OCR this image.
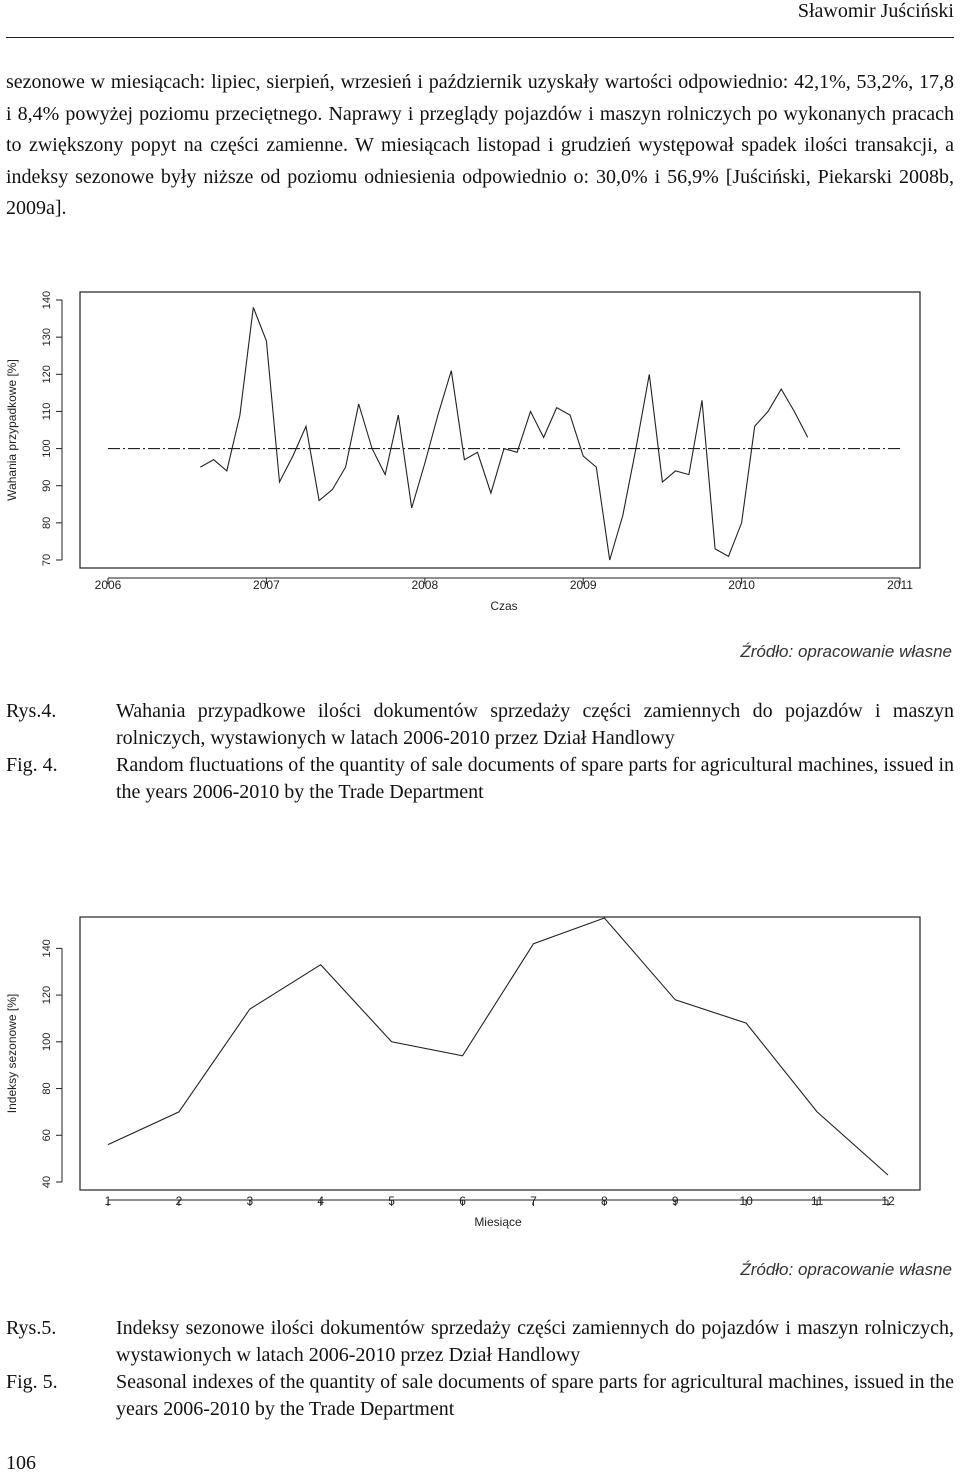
Sławomir Juściński

sezonowe w miesiącach: lipiec, sierpień, wrzesień i październik uzyskały wartości odpowiednio: 42,1%, 53,2%, 17,8 i 8,4% powyżej poziomu przeciętnego. Naprawy i przeglądy pojazdów i maszyn rolniczych po wykonanych pracach to zwiększony popyt na części zamienne. W miesiącach listopad i grudzień występował spadek ilości transakcji, a indeksy sezonowe były niższe od poziomu odniesienia odpowiednio o: 30,0% i 56,9% [Juściński, Piekarski 2008b, 2009a].

70
80
90
100
110
120
130
140
2006	2007	2008	2009	2010	2011
Czas
Wahania przypadkowe [%]
Źródło: opracowanie własne
Rys.4.
Fig. 4.
Wahania przypadkowe ilości dokumentów sprzedaży części zamiennych do pojazdów i maszyn rolniczych, wystawionych w latach 2006-2010 przez Dział Handlowy
Random fluctuations of the quantity of sale documents of spare parts for agricultural machines, issued in the years 2006-2010 by the Trade Department
40
60
80
100
120
140
1	2	3	4	5	6	7	8	9	10	11	12
Miesiące
Indeksy sezonowe [%]
Źródło: opracowanie własne
Rys.5.
Fig. 5.
Indeksy sezonowe ilości dokumentów sprzedaży części zamiennych do pojazdów i maszyn rolniczych, wystawionych w latach 2006-2010 przez Dział Handlowy
Seasonal indexes of the quantity of sale documents of spare parts for agricultural machines, issued in the years 2006-2010 by the Trade Department
106
